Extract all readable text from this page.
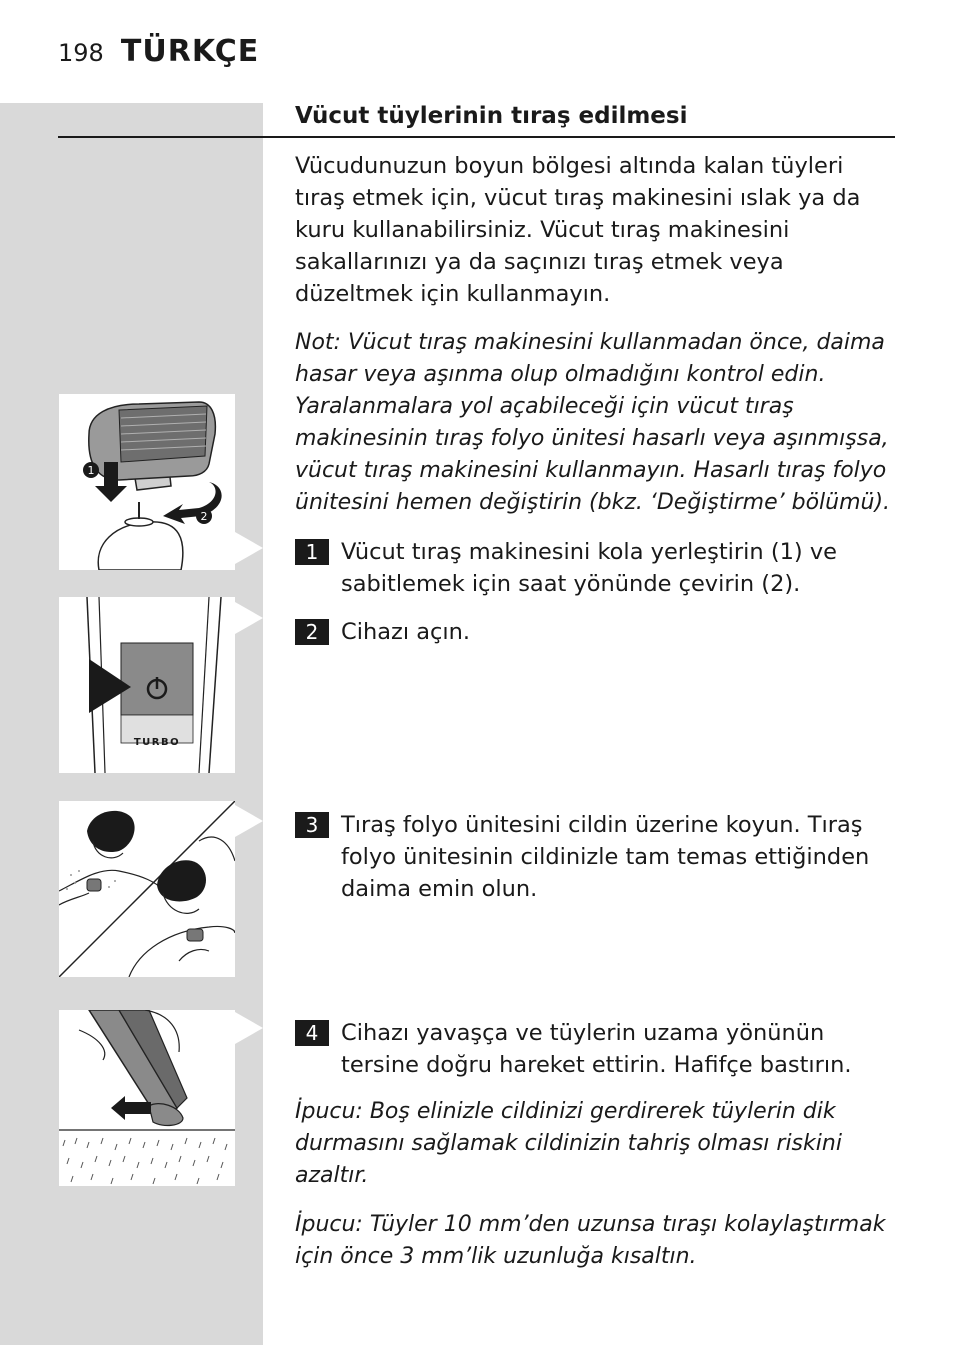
198 TÜRKÇE
Vücut tüylerinin tıraş edilmesi
Vücudunuzun boyun bölgesi altında kalan tüyleri tıraş etmek için, vücut tıraş makinesini ıslak ya da kuru kullanabilirsiniz. Vücut tıraş makinesini sakallarınızı ya da saçınızı tıraş etmek veya düzeltmek için kullanmayın.
Not: Vücut tıraş makinesini kullanmadan önce, daima hasar veya aşınma olup olmadığını kontrol edin. Yaralanmalara yol açabileceği için vücut tıraş makinesinin tıraş folyo ünitesi hasarlı veya aşınmışsa, vücut tıraş makinesini kullanmayın. Hasarlı tıraş folyo ünitesini hemen değiştirin (bkz. ‘Değiştirme’ bölümü).
1	Vücut tıraş makinesini kola yerleştirin (1) ve sabitlemek için saat yönünde çevirin (2).
2	Cihazı açın.
3	Tıraş folyo ünitesini cildin üzerine koyun. Tıraş folyo ünitesinin cildinizle tam temas ettiğinden daima emin olun.
4	Cihazı yavaşça ve tüylerin uzama yönünün tersine doğru hareket ettirin. Hafifçe bastırın.
İpucu: Boş elinizle cildinizi gerdirerek tüylerin dik durmasını sağlamak cildinizin tahriş olması riskini azaltır.
İpucu: Tüyler 10 mm’den uzunsa tıraşı kolaylaştırmak için önce 3 mm’lik uzunluğa kısaltın.
1
2
TURBO
